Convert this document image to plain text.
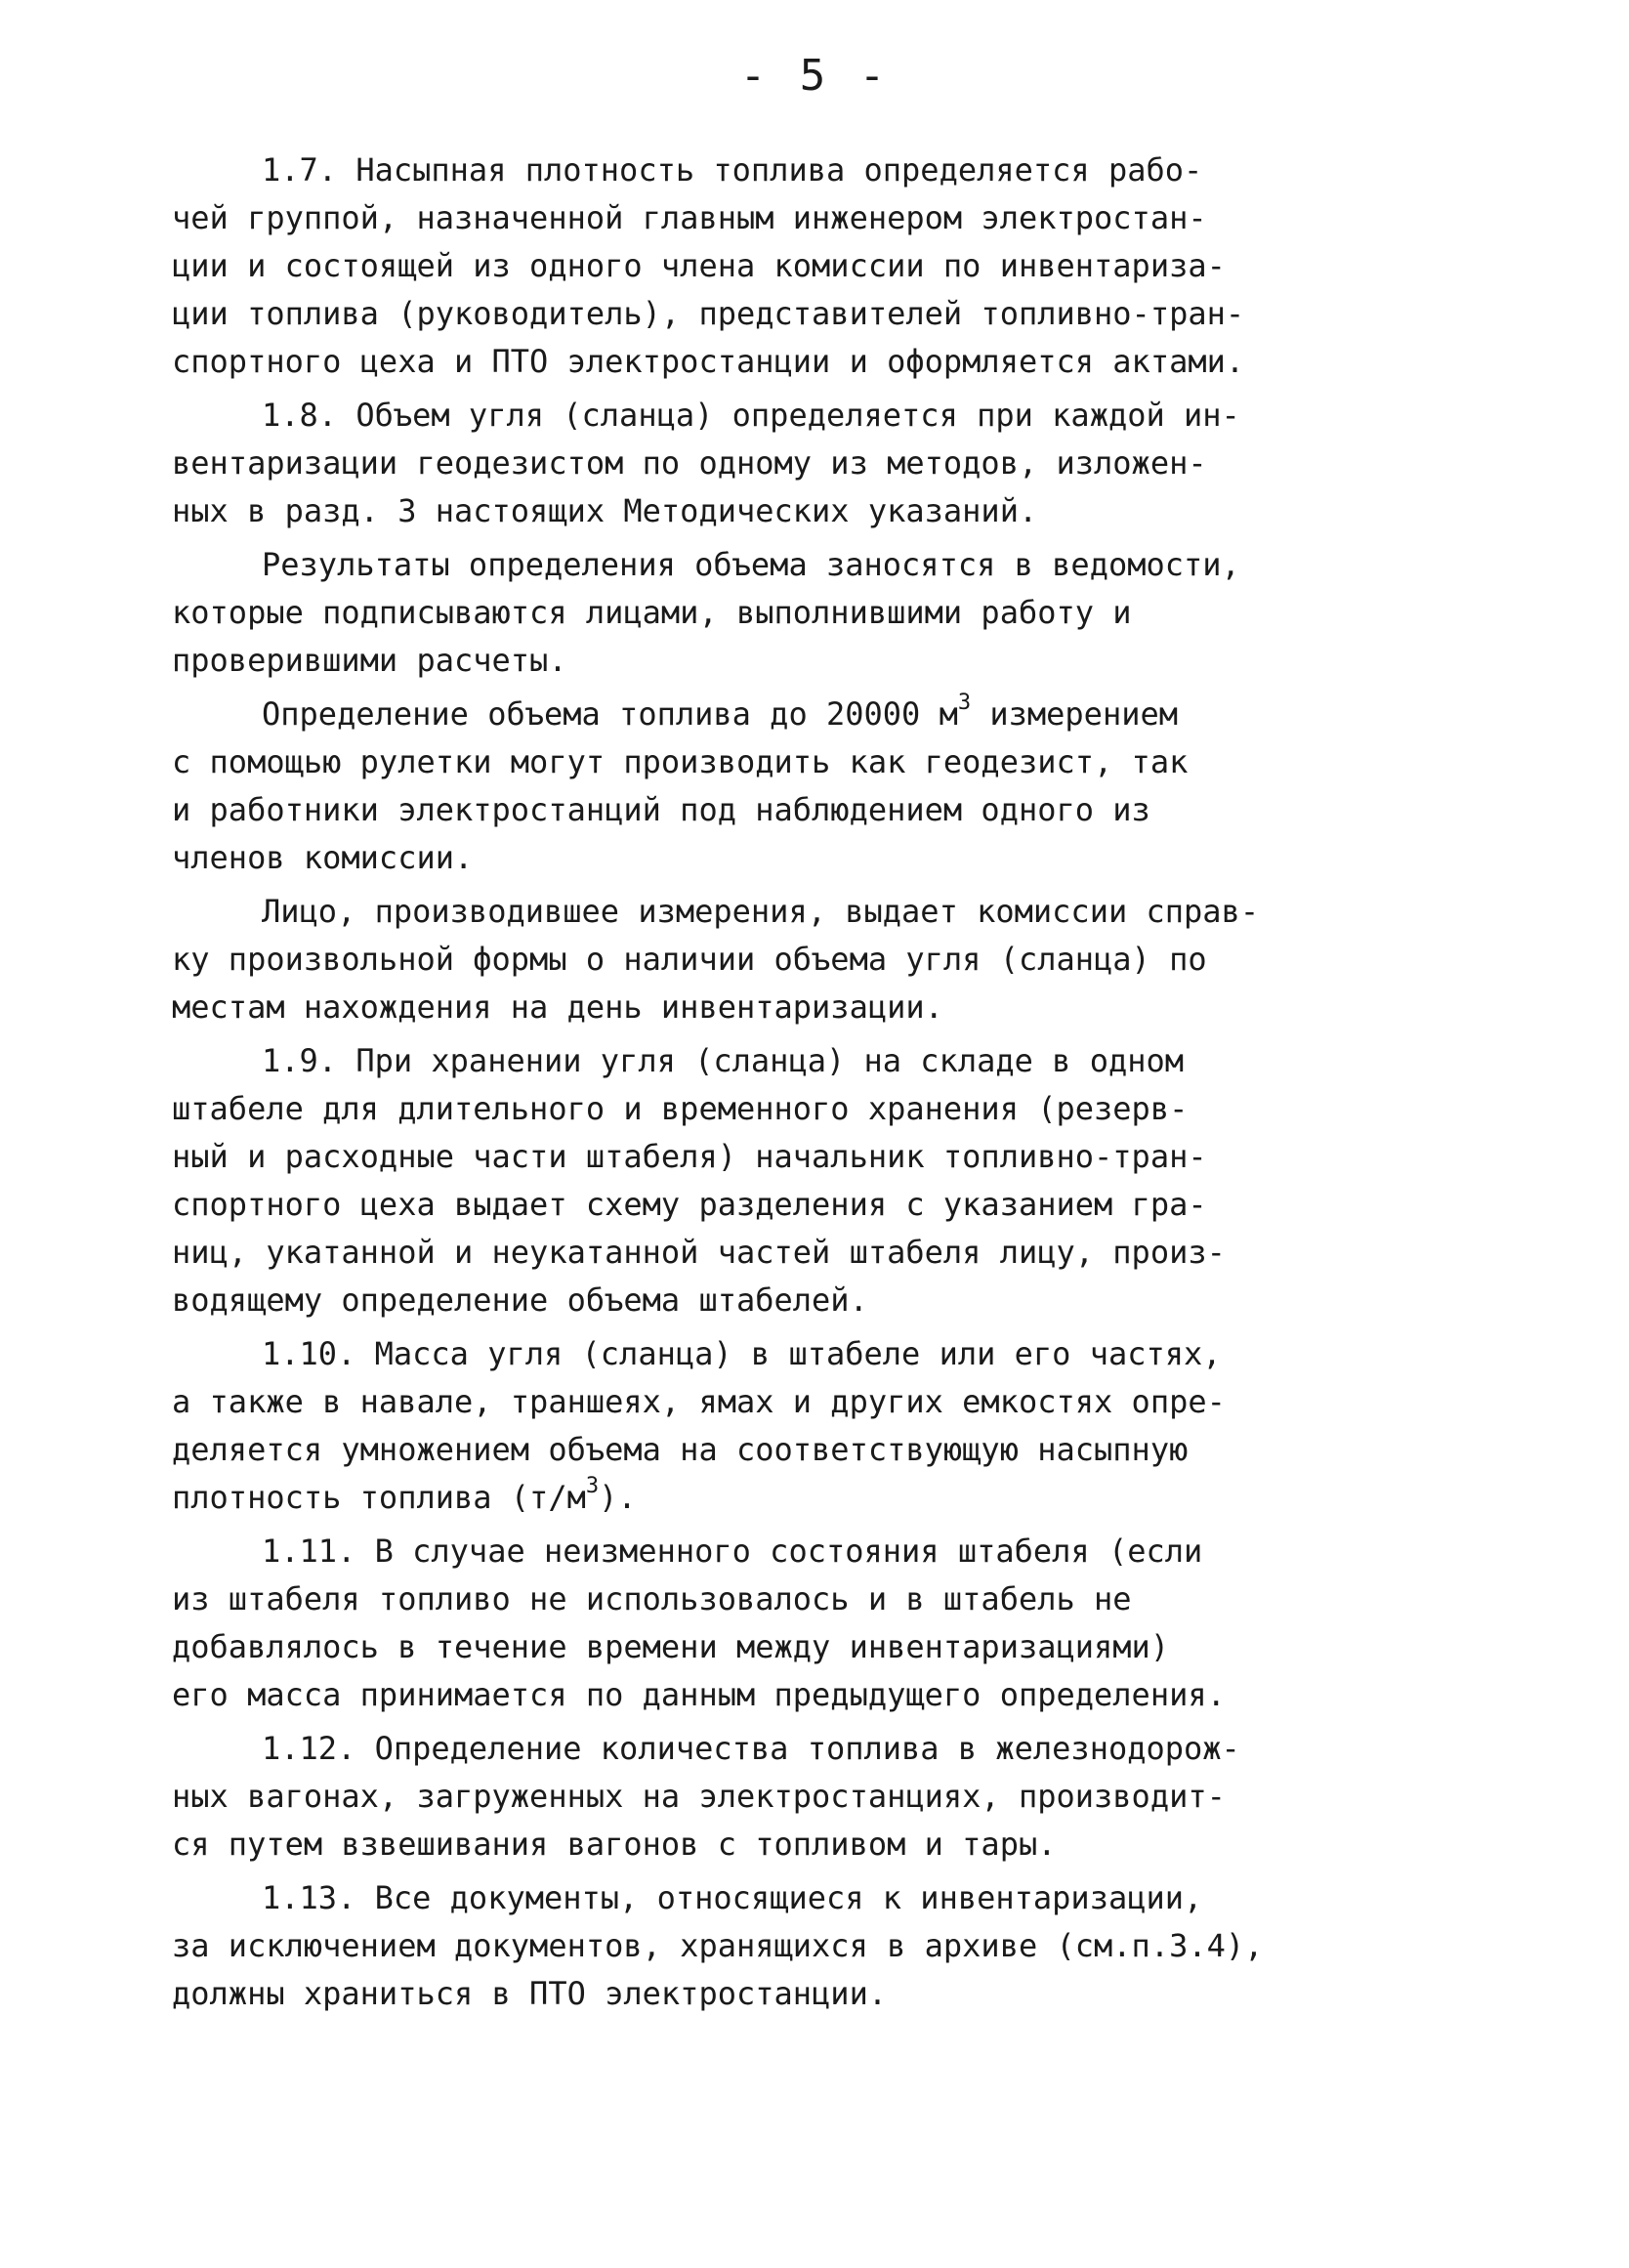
- 5 -

1.7. Насыпная плотность топлива определяется рабо-
чей группой, назначенной главным инженером электростан-
ции и состоящей из одного члена комиссии по инвентариза-
ции топлива (руководитель), представителей топливно-тран-
спортного цеха и ПТО электростанции и оформляется актами.

1.8. Объем угля (сланца) определяется при каждой ин-
вентаризации геодезистом по одному из методов, изложен-
ных в разд. 3 настоящих Методических указаний.

Результаты определения объема заносятся в ведомости,
которые подписываются лицами, выполнившими работу и
проверившими расчеты.

Определение объема топлива до 20000 $м^3$ измерением
с помощью рулетки могут производить как геодезист, так
и работники электростанций под наблюдением одного из
членов комиссии.

Лицо, производившее измерения, выдает комиссии справ-
ку произвольной формы о наличии объема угля (сланца) по
местам нахождения на день инвентаризации.

1.9. При хранении угля (сланца) на складе в одном
штабеле для длительного и временного хранения (резерв-
ный и расходные части штабеля) начальник топливно-тран-
спортного цеха выдает схему разделения с указанием гра-
ниц, укатанной и неукатанной частей штабеля лицу, произ-
водящему определение объема штабелей.

1.10. Масса угля (сланца) в штабеле или его частях,
а также в навале, траншеях, ямах и других емкостях опре-
деляется умножением объема на соответствующую насыпную
плотность топлива $(т/м^3)$.

1.11. В случае неизменного состояния штабеля (если
из штабеля топливо не использовалось и в штабель не
добавлялось в течение времени между инвентаризациями)
его масса принимается по данным предыдущего определения.

1.12. Определение количества топлива в железнодорож-
ных вагонах, загруженных на электростанциях, производит-
ся путем взвешивания вагонов с топливом и тары.

1.13. Все документы, относящиеся к инвентаризации,
за исключением документов, хранящихся в архиве (см.п.3.4),
должны храниться в ПТО электростанции.
